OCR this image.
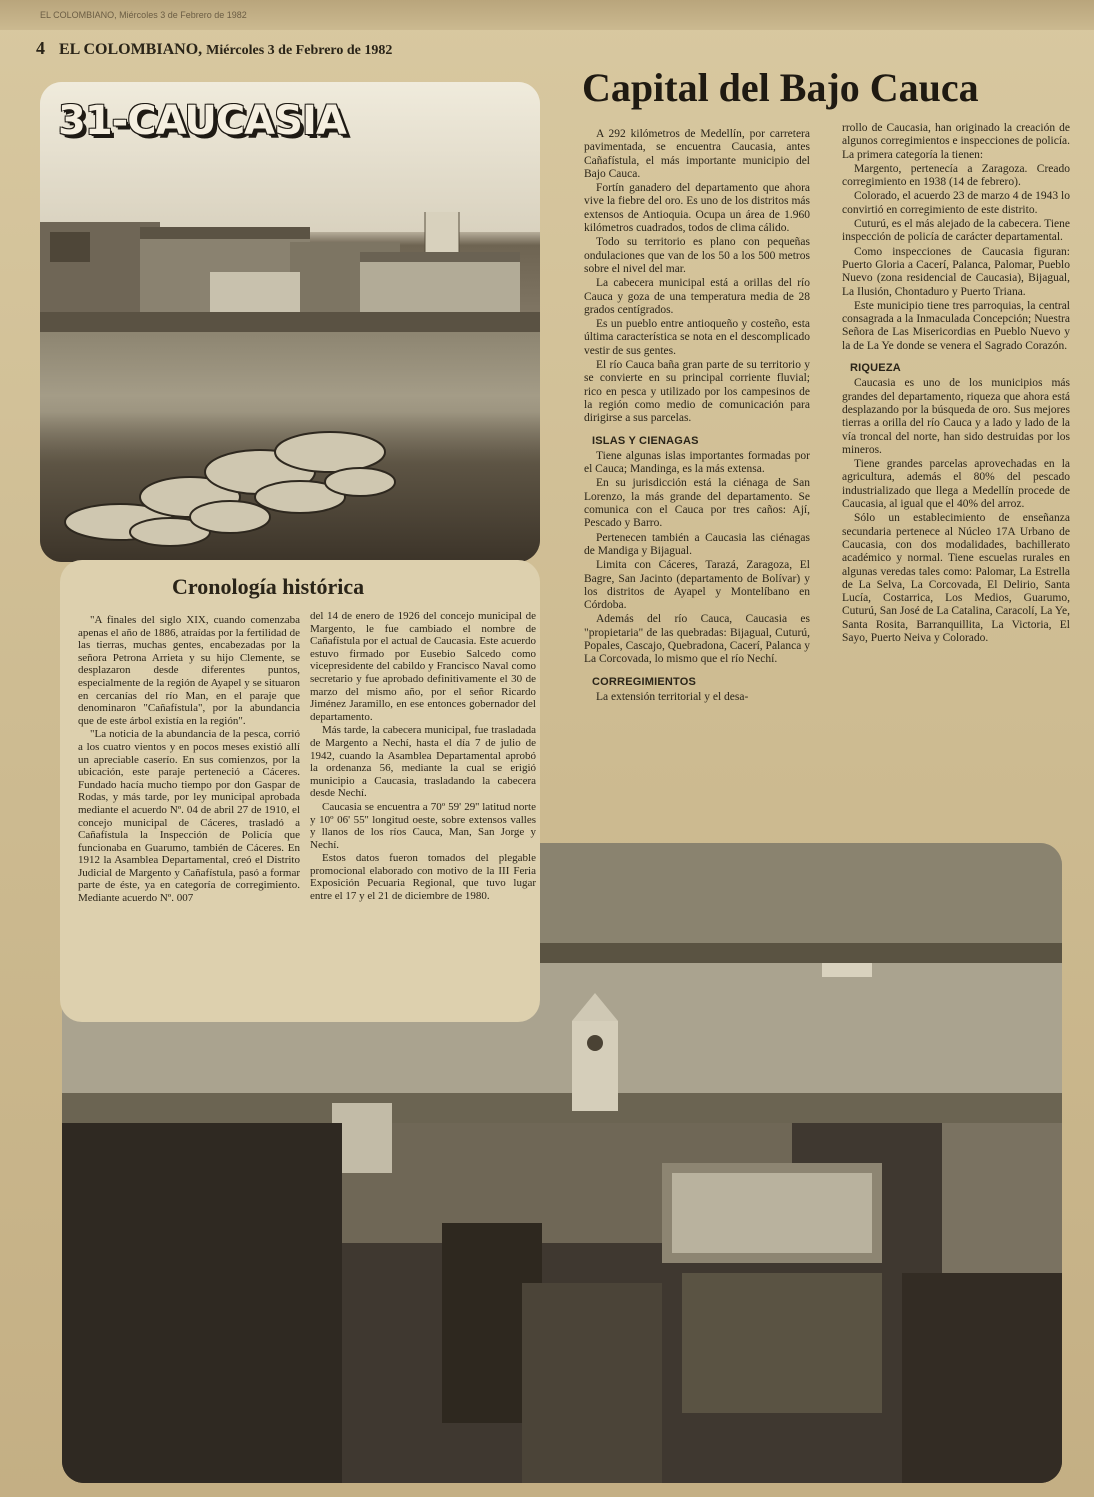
EL COLOMBIANO, Miércoles 3 de Febrero de 1982
4 EL COLOMBIANO, Miércoles 3 de Febrero de 1982
31-CAUCASIA
Capital del Bajo Cauca

A 292 kilómetros de Medellín, por carretera pavimentada, se encuentra Caucasia, antes Cañafístula, el más importante municipio del Bajo Cauca.

Fortín ganadero del departamento que ahora vive la fiebre del oro. Es uno de los distritos más extensos de Antioquia. Ocupa un área de 1.960 kilómetros cuadrados, todos de clima cálido.

Todo su territorio es plano con pequeñas ondulaciones que van de los 50 a los 500 metros sobre el nivel del mar.

La cabecera municipal está a orillas del río Cauca y goza de una temperatura media de 28 grados centígrados.

Es un pueblo entre antioqueño y costeño, esta última característica se nota en el descomplicado vestir de sus gentes.

El río Cauca baña gran parte de su territorio y se convierte en su principal corriente fluvial; rico en pesca y utilizado por los campesinos de la región como medio de comunicación para dirigirse a sus parcelas.

ISLAS Y CIENAGAS

Tiene algunas islas importantes formadas por el Cauca; Mandinga, es la más extensa.

En su jurisdicción está la ciénaga de San Lorenzo, la más grande del departamento. Se comunica con el Cauca por tres caños: Ají, Pescado y Barro.

Pertenecen también a Caucasia las ciénagas de Mandiga y Bijagual.

Limita con Cáceres, Tarazá, Zaragoza, El Bagre, San Jacinto (departamento de Bolívar) y los distritos de Ayapel y Montelíbano en Córdoba.

Además del río Cauca, Caucasia es "propietaria" de las quebradas: Bijagual, Cuturú, Popales, Cascajo, Quebradona, Cacerí, Palanca y La Corcovada, lo mismo que el río Nechí.

CORREGIMIENTOS

La extensión territorial y el desa-

rrollo de Caucasia, han originado la creación de algunos corregimientos e inspecciones de policía. La primera categoría la tienen:

Margento, pertenecía a Zaragoza. Creado corregimiento en 1938 (14 de febrero).

Colorado, el acuerdo 23 de marzo 4 de 1943 lo convirtió en corregimiento de este distrito.

Cuturú, es el más alejado de la cabecera. Tiene inspección de policía de carácter departamental.

Como inspecciones de Caucasia figuran: Puerto Gloria a Cacerí, Palanca, Palomar, Pueblo Nuevo (zona residencial de Caucasia), Bijagual, La Ilusión, Chontaduro y Puerto Triana.

Este municipio tiene tres parroquias, la central consagrada a la Inmaculada Concepción; Nuestra Señora de Las Misericordias en Pueblo Nuevo y la de La Ye donde se venera el Sagrado Corazón.

RIQUEZA

Caucasia es uno de los municipios más grandes del departamento, riqueza que ahora está desplazando por la búsqueda de oro. Sus mejores tierras a orilla del río Cauca y a lado y lado de la vía troncal del norte, han sido destruidas por los mineros.

Tiene grandes parcelas aprovechadas en la agricultura, además el 80% del pescado industrializado que llega a Medellín procede de Caucasia, al igual que el 40% del arroz.

Sólo un establecimiento de enseñanza secundaria pertenece al Núcleo 17A Urbano de Caucasia, con dos modalidades, bachillerato académico y normal. Tiene escuelas rurales en algunas veredas tales como: Palomar, La Estrella de La Selva, La Corcovada, El Delirio, Santa Lucía, Costarrica, Los Medios, Guarumo, Cuturú, San José de La Catalina, Caracolí, La Ye, Santa Rosita, Barranquillita, La Victoria, El Sayo, Puerto Neiva y Colorado.

Cronología histórica

"A finales del siglo XIX, cuando comenzaba apenas el año de 1886, atraídas por la fertilidad de las tierras, muchas gentes, encabezadas por la señora Petrona Arrieta y su hijo Clemente, se desplazaron desde diferentes puntos, especialmente de la región de Ayapel y se situaron en cercanías del río Man, en el paraje que denominaron "Cañafístula", por la abundancia que de este árbol existía en la región".

"La noticia de la abundancia de la pesca, corrió a los cuatro vientos y en pocos meses existió allí un apreciable caserío. En sus comienzos, por la ubicación, este paraje perteneció a Cáceres. Fundado hacía mucho tiempo por don Gaspar de Rodas, y más tarde, por ley municipal aprobada mediante el acuerdo Nº. 04 de abril 27 de 1910, el concejo municipal de Cáceres, trasladó a Cañafístula la Inspección de Policía que funcionaba en Guarumo, también de Cáceres. En 1912 la Asamblea Departamental, creó el Distrito Judicial de Margento y Cañafístula, pasó a formar parte de éste, ya en categoría de corregimiento. Mediante acuerdo Nº. 007

del 14 de enero de 1926 del concejo municipal de Margento, le fue cambiado el nombre de Cañafístula por el actual de Caucasia. Este acuerdo estuvo firmado por Eusebio Salcedo como vicepresidente del cabildo y Francisco Naval como secretario y fue aprobado definitivamente el 30 de marzo del mismo año, por el señor Ricardo Jiménez Jaramillo, en ese entonces gobernador del departamento.

Más tarde, la cabecera municipal, fue trasladada de Margento a Nechí, hasta el día 7 de julio de 1942, cuando la Asamblea Departamental aprobó la ordenanza 56, mediante la cual se erigió municipio a Caucasia, trasladando la cabecera desde Nechí.

Caucasia se encuentra a 70º 59' 29'' latitud norte y 10º 06' 55'' longitud oeste, sobre extensos valles y llanos de los ríos Cauca, Man, San Jorge y Nechí.

Estos datos fueron tomados del plegable promocional elaborado con motivo de la III Feria Exposición Pecuaria Regional, que tuvo lugar entre el 17 y el 21 de diciembre de 1980.
